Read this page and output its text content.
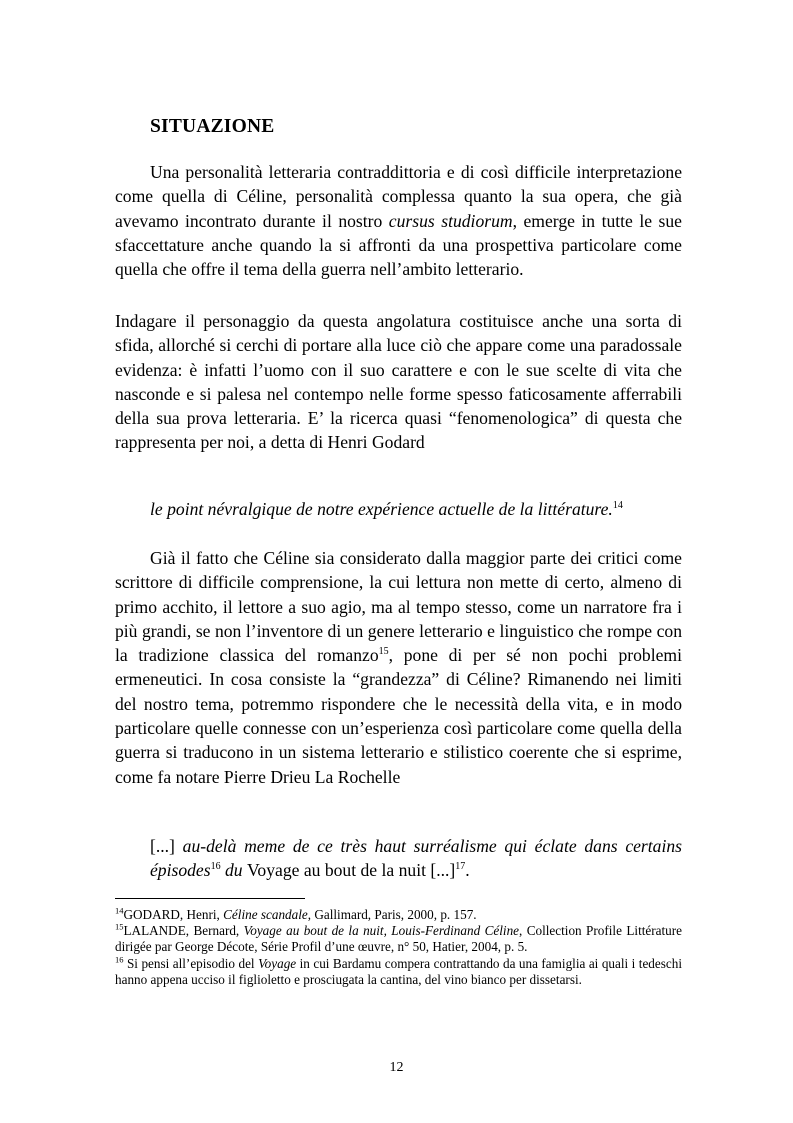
SITUAZIONE
Una personalità letteraria contraddittoria e di così difficile interpretazione come quella di Céline, personalità complessa quanto la sua opera, che già avevamo incontrato durante il nostro cursus studiorum, emerge in tutte le sue sfaccettature anche quando la si affronti da una prospettiva particolare come quella che offre il tema della guerra nell’ambito letterario.
Indagare il personaggio da questa angolatura costituisce anche una sorta di sfida, allorché si cerchi di portare alla luce ciò che appare come una paradossale evidenza: è infatti l’uomo con il suo carattere e con le sue scelte di vita che nasconde e si palesa nel contempo nelle forme spesso faticosamente afferrabili della sua prova letteraria. E’ la ricerca quasi “fenomenologica” di questa che rappresenta per noi, a detta di Henri Godard
le point névralgique de notre expérience actuelle de la littérature.$^{14}$
Già il fatto che Céline sia considerato dalla maggior parte dei critici come scrittore di difficile comprensione, la cui lettura non mette di certo, almeno di primo acchito, il lettore a suo agio, ma al tempo stesso, come un narratore fra i più grandi, se non l’inventore di un genere letterario e linguistico che rompe con la tradizione classica del romanzo$^{15}$, pone di per sé non pochi problemi ermeneutici. In cosa consiste la “grandezza” di Céline? Rimanendo nei limiti del nostro tema, potremmo rispondere che le necessità della vita, e in modo particolare quelle connesse con un’esperienza così particolare come quella della guerra si traducono in un sistema letterario e stilistico coerente che si esprime, come fa notare Pierre Drieu La Rochelle
[...] au-delà meme de ce très haut surréalisme qui éclate dans certains épisodes$^{16}$ du Voyage au bout de la nuit [...]$^{17}$.
$^{14}$GODARD, Henri, Céline scandale, Gallimard, Paris, 2000, p. 157.
$^{15}$LALANDE, Bernard, Voyage au bout de la nuit, Louis-Ferdinand Céline, Collection Profile Littérature dirigée par George Décote, Série Profil d’une œuvre, n° 50, Hatier, 2004, p. 5.
$^{16}$ Si pensi all’episodio del Voyage in cui Bardamu compera contrattando da una famiglia ai quali i tedeschi hanno appena ucciso il figlioletto e prosciugata la cantina, del vino bianco per dissetarsi.
12
